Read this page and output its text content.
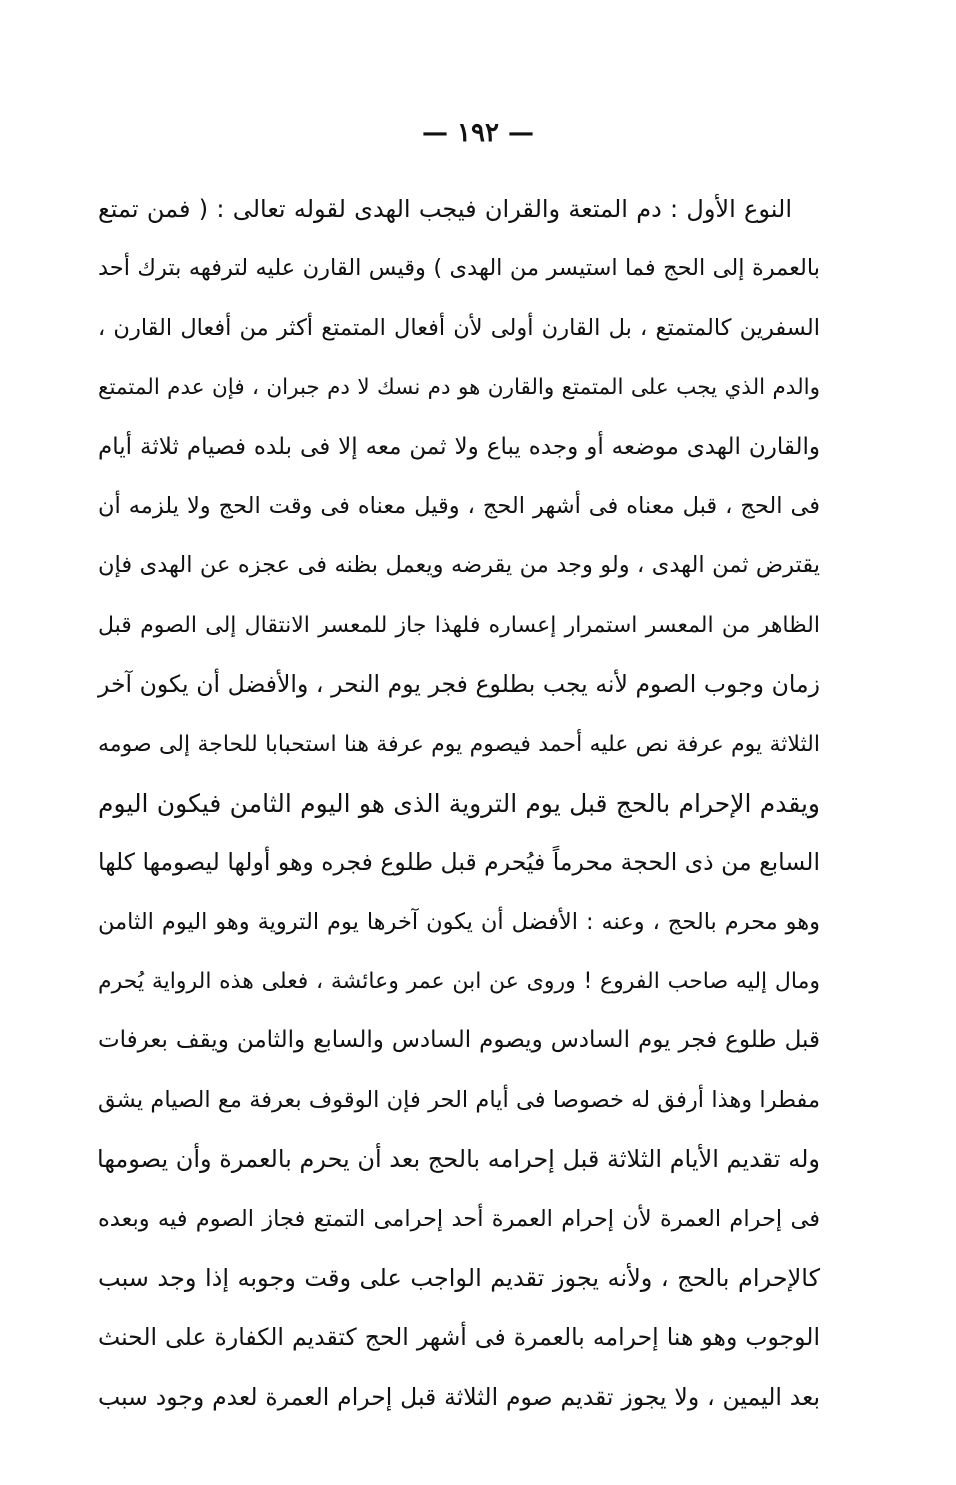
— ١٩٢ —
النوع الأول : دم المتعة والقران فيجب الهدى لقوله تعالى : ( فمن تمتع
بالعمرة إلى الحج فما استيسر من الهدى ) وقيس القارن عليه لترفهه بترك أحد
السفرين كالمتمتع ، بل القارن أولى لأن أفعال المتمتع أكثر من أفعال القارن ،
والدم الذي يجب على المتمتع والقارن هو دم نسك لا دم جبران ، فإن عدم المتمتع
والقارن الهدى موضعه أو وجده يباع ولا ثمن معه إلا فى بلده فصيام ثلاثة أيام
فى الحج ، قبل معناه فى أشهر الحج ، وقيل معناه فى وقت الحج ولا يلزمه أن
يقترض ثمن الهدى ، ولو وجد من يقرضه ويعمل بظنه فى عجزه عن الهدى فإن
الظاهر من المعسر استمرار إعساره فلهذا جاز للمعسر الانتقال إلى الصوم قبل
زمان وجوب الصوم لأنه يجب بطلوع فجر يوم النحر ، والأفضل أن يكون آخر
الثلاثة يوم عرفة نص عليه أحمد فيصوم يوم عرفة هنا استحبابا للحاجة إلى صومه
ويقدم الإحرام بالحج قبل يوم التروية الذى هو اليوم الثامن فيكون اليوم
السابع من ذى الحجة محرماً فيُحرم قبل طلوع فجره وهو أولها ليصومها كلها
وهو محرم بالحج ، وعنه : الأفضل أن يكون آخرها يوم التروية وهو اليوم الثامن
ومال إليه صاحب الفروع ! وروى عن ابن عمر وعائشة ، فعلى هذه الرواية يُحرم
قبل طلوع فجر يوم السادس ويصوم السادس والسابع والثامن ويقف بعرفات
مفطرا وهذا أرفق له خصوصا فى أيام الحر فإن الوقوف بعرفة مع الصيام يشق
وله تقديم الأيام الثلاثة قبل إحرامه بالحج بعد أن يحرم بالعمرة وأن يصومها
فى إحرام العمرة لأن إحرام العمرة أحد إحرامى التمتع فجاز الصوم فيه وبعده
كالإحرام بالحج ، ولأنه يجوز تقديم الواجب على وقت وجوبه إذا وجد سبب
الوجوب وهو هنا إحرامه بالعمرة فى أشهر الحج كتقديم الكفارة على الحنث
بعد اليمين ، ولا يجوز تقديم صوم الثلاثة قبل إحرام العمرة لعدم وجود سبب
